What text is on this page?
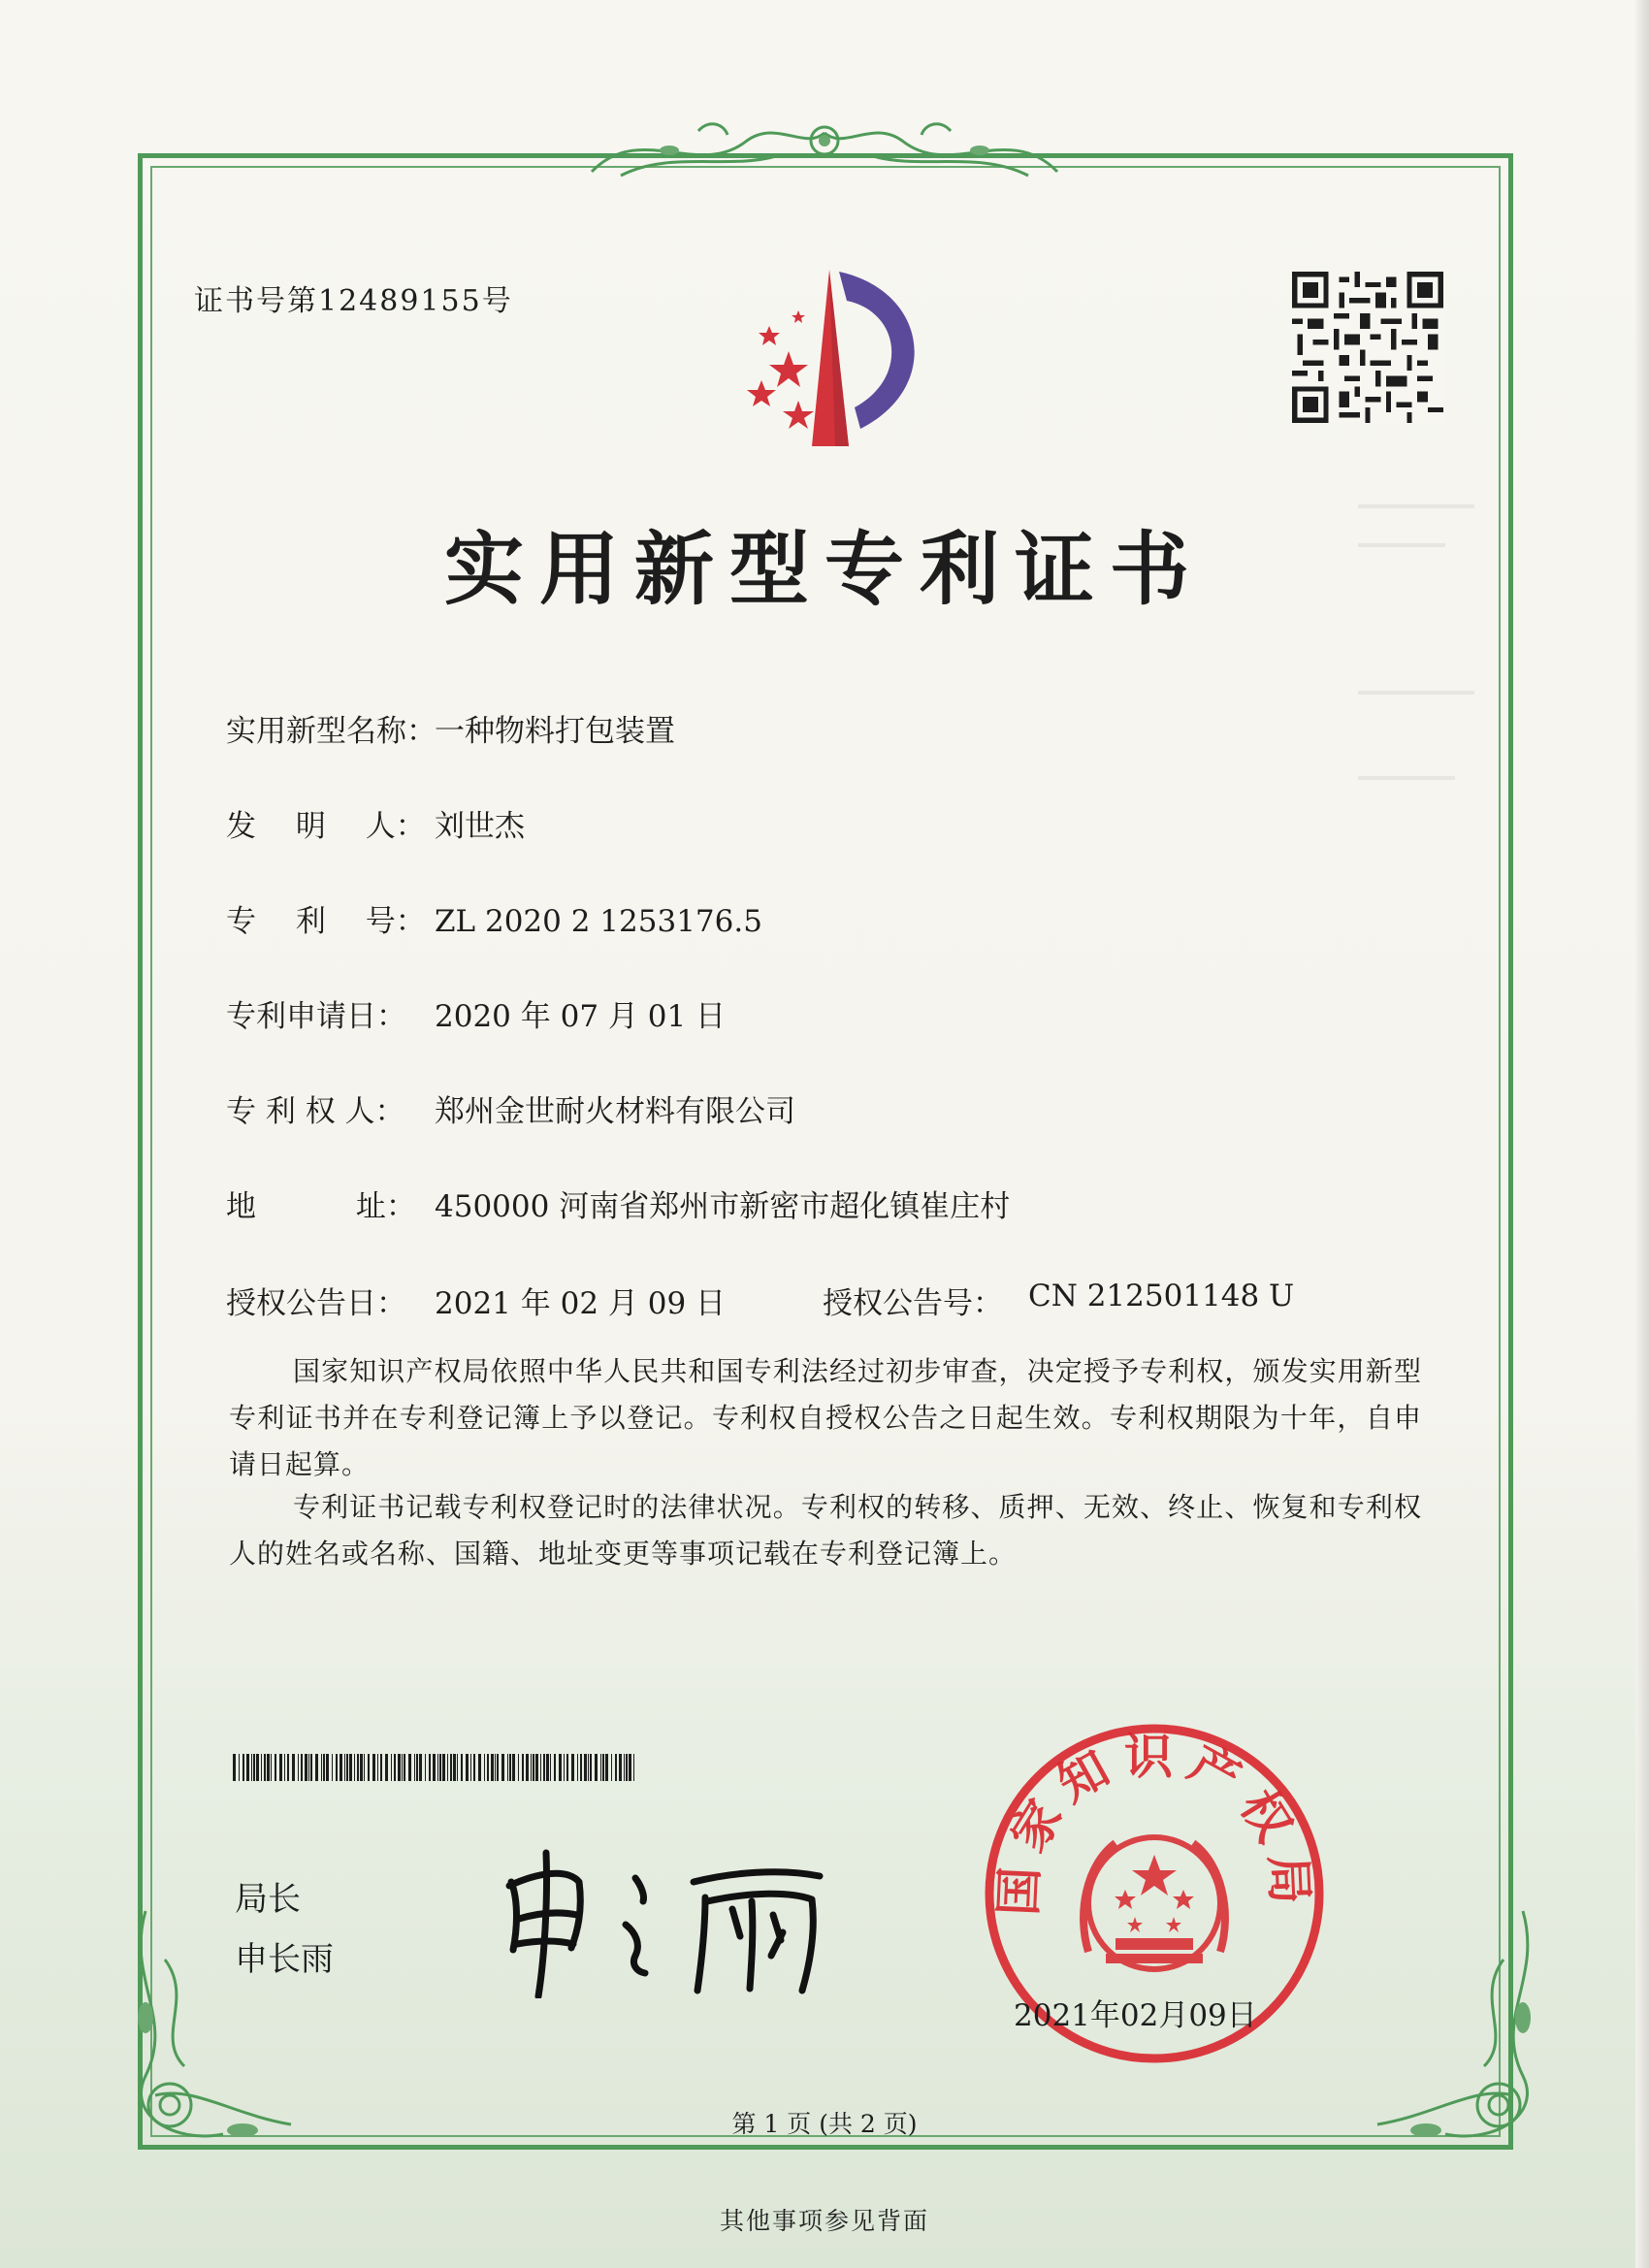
证书号第12489155号
实用新型专利证书
实用新型名称：
一种物料打包装置
发　 明　 人： 刘世杰
专　 利　 号： ZL 2020 2 1253176.5
专利申请日： 2020 年 07 月 01 日
专 利 权 人： 郑州金世耐火材料有限公司
地　　　 址： 450000 河南省郑州市新密市超化镇崔庄村
授权公告日： 2021 年 02 月 09 日	授权公告号： CN 212501148 U
国家知识产权局依照中华人民共和国专利法经过初步审查，决定授予专利权，颁发实用新型专利证书并在专利登记簿上予以登记。专利权自授权公告之日起生效。专利权期限为十年，自申请日起算。
专利证书记载专利权登记时的法律状况。专利权的转移、质押、无效、终止、恢复和专利权人的姓名或名称、国籍、地址变更等事项记载在专利登记簿上。
局长
申长雨
国家知识产权局
2021年02月09日
第 1 页 (共 2 页)
其他事项参见背面
